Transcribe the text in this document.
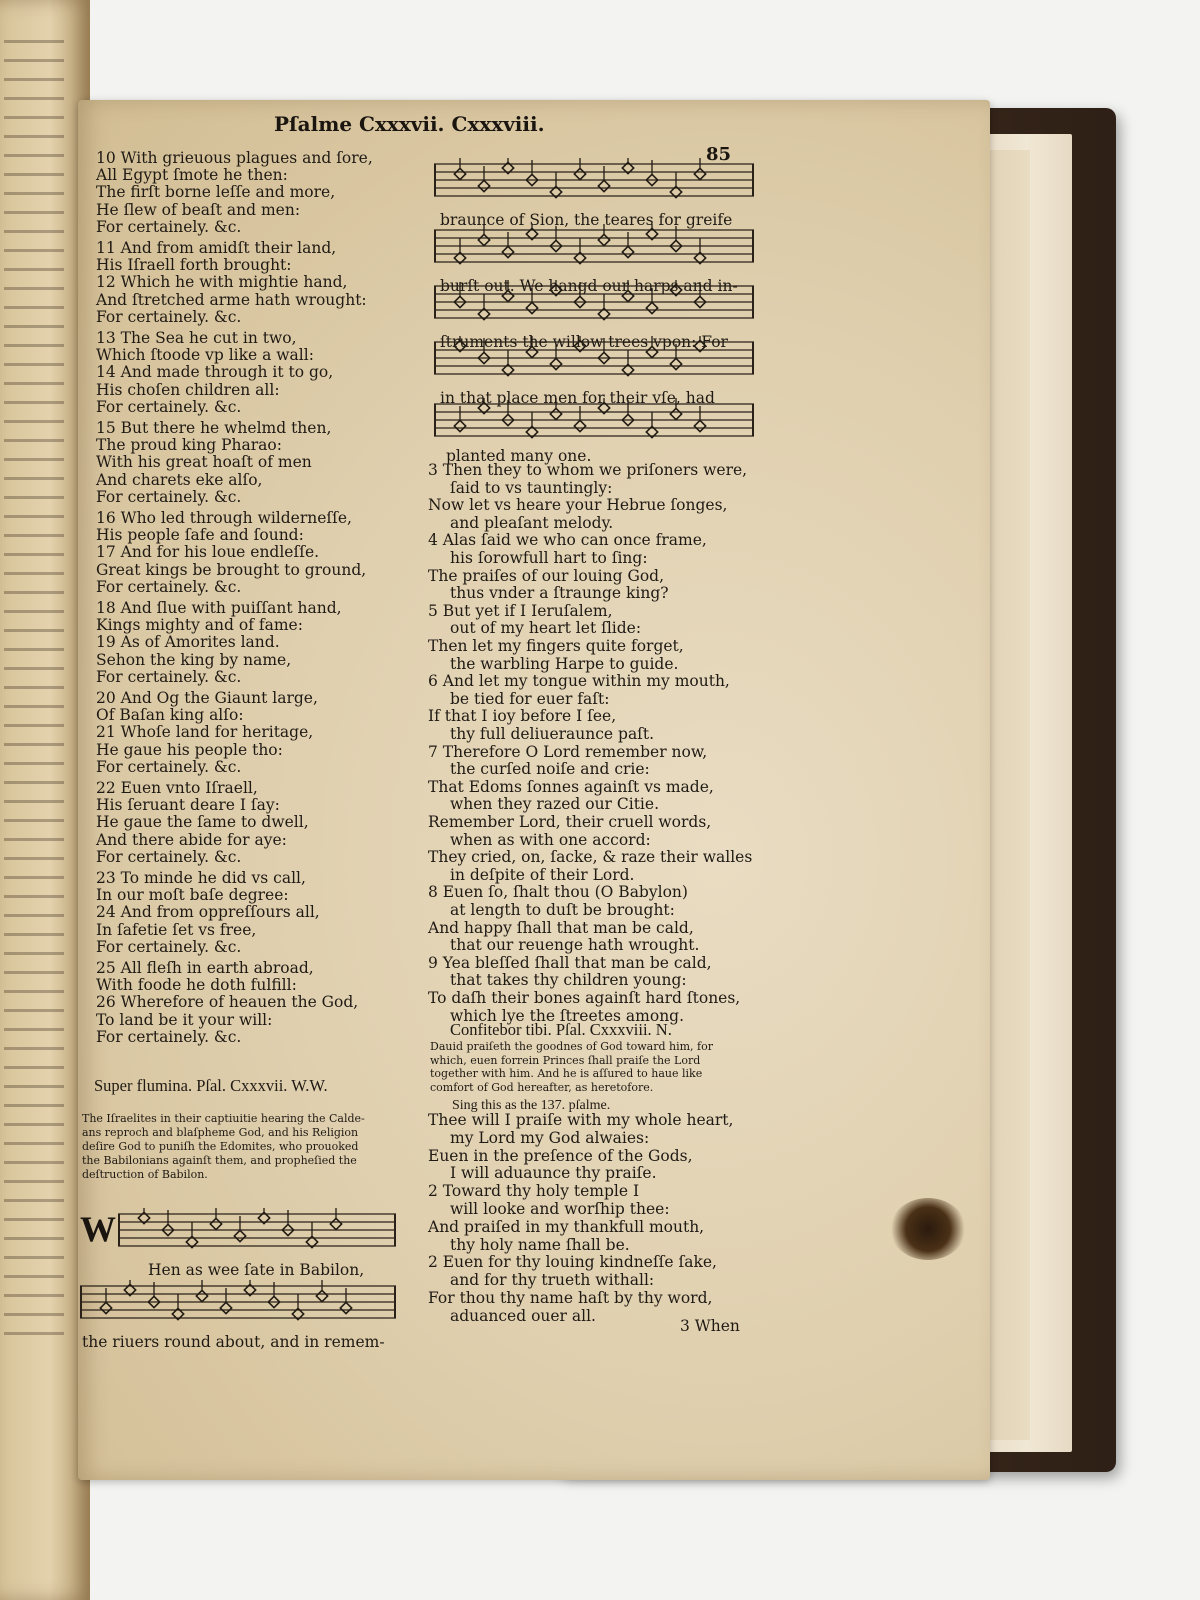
Pſalme Cxxxvii. Cxxxviii.
85
10 With grieuous plagues and ſore,
All Egypt ſmote he then:
The firſt borne leſſe and more,
He ſlew of beaſt and men:
For certainely. &c.
11 And from amidſt their land,
His Iſraell forth brought:
12 Which he with mightie hand,
And ſtretched arme hath wrought:
For certainely. &c.
13 The Sea he cut in two,
Which ſtoode vp like a wall:
14 And made through it to go,
His choſen children all:
For certainely. &c.
15 But there he whelmd then,
The proud king Pharao:
With his great hoaſt of men
And charets eke alſo,
For certainely. &c.
16 Who led through wilderneſſe,
His people ſafe and ſound:
17 And for his loue endleſſe.
Great kings be brought to ground,
For certainely. &c.
18 And ſlue with puiſſant hand,
Kings mighty and of fame:
19 As of Amorites land.
Sehon the king by name,
For certainely. &c.
20 And Og the Giaunt large,
Of Baſan king alſo:
21 Whoſe land for heritage,
He gaue his people tho:
For certainely. &c.
22 Euen vnto Iſraell,
His ſeruant deare I ſay:
He gaue the ſame to dwell,
And there abide for aye:
For certainely. &c.
23 To minde he did vs call,
In our moſt baſe degree:
24 And from oppreſſours all,
In ſafetie ſet vs free,
For certainely. &c.
25 All fleſh in earth abroad,
With foode he doth fulfill:
26 Wherefore of heauen the God,
To land be it your will:
For certainely. &c.
Super flumina. Pſal. Cxxxvii. W.W.
The Iſraelites in their captiuitie hearing the Calde-
ans reproch and blaſpheme God, and his Religion
deſire God to puniſh the Edomites, who prouoked
the Babilonians againſt them, and propheſied the
deſtruction of Babilon.
W
Hen as wee ſate in Babilon,
the riuers round about, and in remem-
braunce of Sion, the teares for greife
burſt out. We hangd our harps and in-
ſtruments the willow trees vpon: For
in that place men for their vſe, had
planted many one.
3 Then they to whom we priſoners were,
ſaid to vs tauntingly:
Now let vs heare your Hebrue ſonges,
and pleaſant melody.
4 Alas ſaid we who can once frame,
his ſorowfull hart to ſing:
The praiſes of our louing God,
thus vnder a ſtraunge king?
5 But yet if I Ieruſalem,
out of my heart let ſlide:
Then let my fingers quite forget,
the warbling Harpe to guide.
6 And let my tongue within my mouth,
be tied for euer faſt:
If that I ioy before I ſee,
thy full deliueraunce paſt.
7 Therefore O Lord remember now,
the curſed noiſe and crie:
That Edoms ſonnes againſt vs made,
when they razed our Citie.
Remember Lord, their cruell words,
when as with one accord:
They cried, on, ſacke, & raze their walles
in deſpite of their Lord.
8 Euen ſo, ſhalt thou (O Babylon)
at length to duſt be brought:
And happy ſhall that man be cald,
that our reuenge hath wrought.
9 Yea bleſſed ſhall that man be cald,
that takes thy children young:
To daſh their bones againſt hard ſtones,
which lye the ſtreetes among.
Confitebor tibi. Pſal. Cxxxviii. N.
Dauid praiſeth the goodnes of God toward him, for
which, euen forrein Princes ſhall praiſe the Lord
together with him. And he is aſſured to haue like
comfort of God hereafter, as heretofore.
Sing this as the 137. pſalme.
Thee will I praiſe with my whole heart,
my Lord my God alwaies:
Euen in the preſence of the Gods,
I will aduaunce thy praiſe.
2 Toward thy holy temple I
will looke and worſhip thee:
And praiſed in my thankfull mouth,
thy holy name ſhall be.
2 Euen for thy louing kindneſſe ſake,
and for thy trueth withall:
For thou thy name haſt by thy word,
aduanced ouer all.
3 When
